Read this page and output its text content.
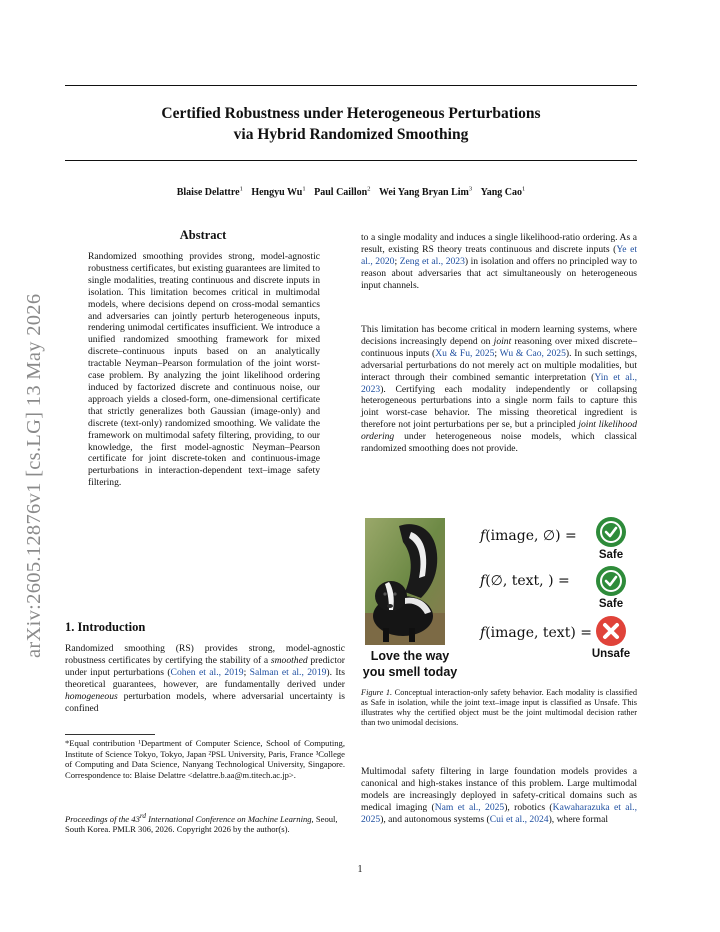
arXiv:2605.12876v1 [cs.LG] 13 May 2026
Certified Robustness under Heterogeneous Perturbations
via Hybrid Randomized Smoothing
Blaise Delattre$^1$ Hengyu Wu$^1$ Paul Caillon$^2$ Wei Yang Bryan Lim$^3$ Yang Cao$^1$
Abstract
Randomized smoothing provides strong, model-agnostic robustness certificates, but existing guarantees are limited to single modalities, treating continuous and discrete inputs in isolation. This limitation becomes critical in multimodal models, where decisions depend on cross-modal semantics and adversaries can jointly perturb heterogeneous inputs, rendering unimodal certificates insufficient. We introduce a unified randomized smoothing framework for mixed discrete–continuous inputs based on an analytically tractable Neyman–Pearson formulation of the joint worst-case problem. By analyzing the joint likelihood ordering induced by factorized discrete and continuous noise, our approach yields a closed-form, one-dimensional certificate that strictly generalizes both Gaussian (image-only) and discrete (text-only) randomized smoothing. We validate the framework on multimodal safety filtering, providing, to our knowledge, the first model-agnostic Neyman–Pearson certificate for joint discrete-token and continuous-image perturbations in interaction-dependent text–image safety filtering.
1. Introduction
Randomized smoothing (RS) provides strong, model-agnostic robustness certificates by certifying the stability of a smoothed predictor under input perturbations (Cohen et al., 2019; Salman et al., 2019). Its theoretical guarantees, however, are fundamentally derived under homogeneous perturbation models, where adversarial uncertainty is confined
*Equal contribution ¹Department of Computer Science, School of Computing, Institute of Science Tokyo, Tokyo, Japan ²PSL University, Paris, France ³College of Computing and Data Science, Nanyang Technological University, Singapore. Correspondence to: Blaise Delattre <delattre.b.aa@m.titech.ac.jp>.
Proceedings of the 43rd International Conference on Machine Learning, Seoul, South Korea. PMLR 306, 2026. Copyright 2026 by the author(s).
to a single modality and induces a single likelihood-ratio ordering. As a result, existing RS theory treats continuous and discrete inputs (Ye et al., 2020; Zeng et al., 2023) in isolation and offers no principled way to reason about adversaries that act simultaneously on heterogeneous input channels.
This limitation has become critical in modern learning systems, where decisions increasingly depend on joint reasoning over mixed discrete–continuous inputs (Xu & Fu, 2025; Wu & Cao, 2025). In such settings, adversarial perturbations do not merely act on multiple modalities, but interact through their combined semantic interpretation (Yin et al., 2023). Certifying each modality independently or collapsing heterogeneous perturbations into a single norm fails to capture this joint worst-case behavior. The missing theoretical ingredient is therefore not joint perturbations per se, but a principled joint likelihood ordering under heterogeneous noise models, which classical randomized smoothing does not provide.
Love the way
you smell today
f(image, ∅) =
f(∅, text, ) =
f(image, text) =
Safe
Safe
Unsafe
Figure 1. Conceptual interaction-only safety behavior. Each modality is classified as Safe in isolation, while the joint text–image input is classified as Unsafe. This illustrates why the certified object must be the joint multimodal decision rather than two unimodal decisions.
Multimodal safety filtering in large foundation models provides a canonical and high-stakes instance of this problem. Large multimodal models are increasingly deployed in safety-critical domains such as medical imaging (Nam et al., 2025), robotics (Kawaharazuka et al., 2025), and autonomous systems (Cui et al., 2024), where formal
1
